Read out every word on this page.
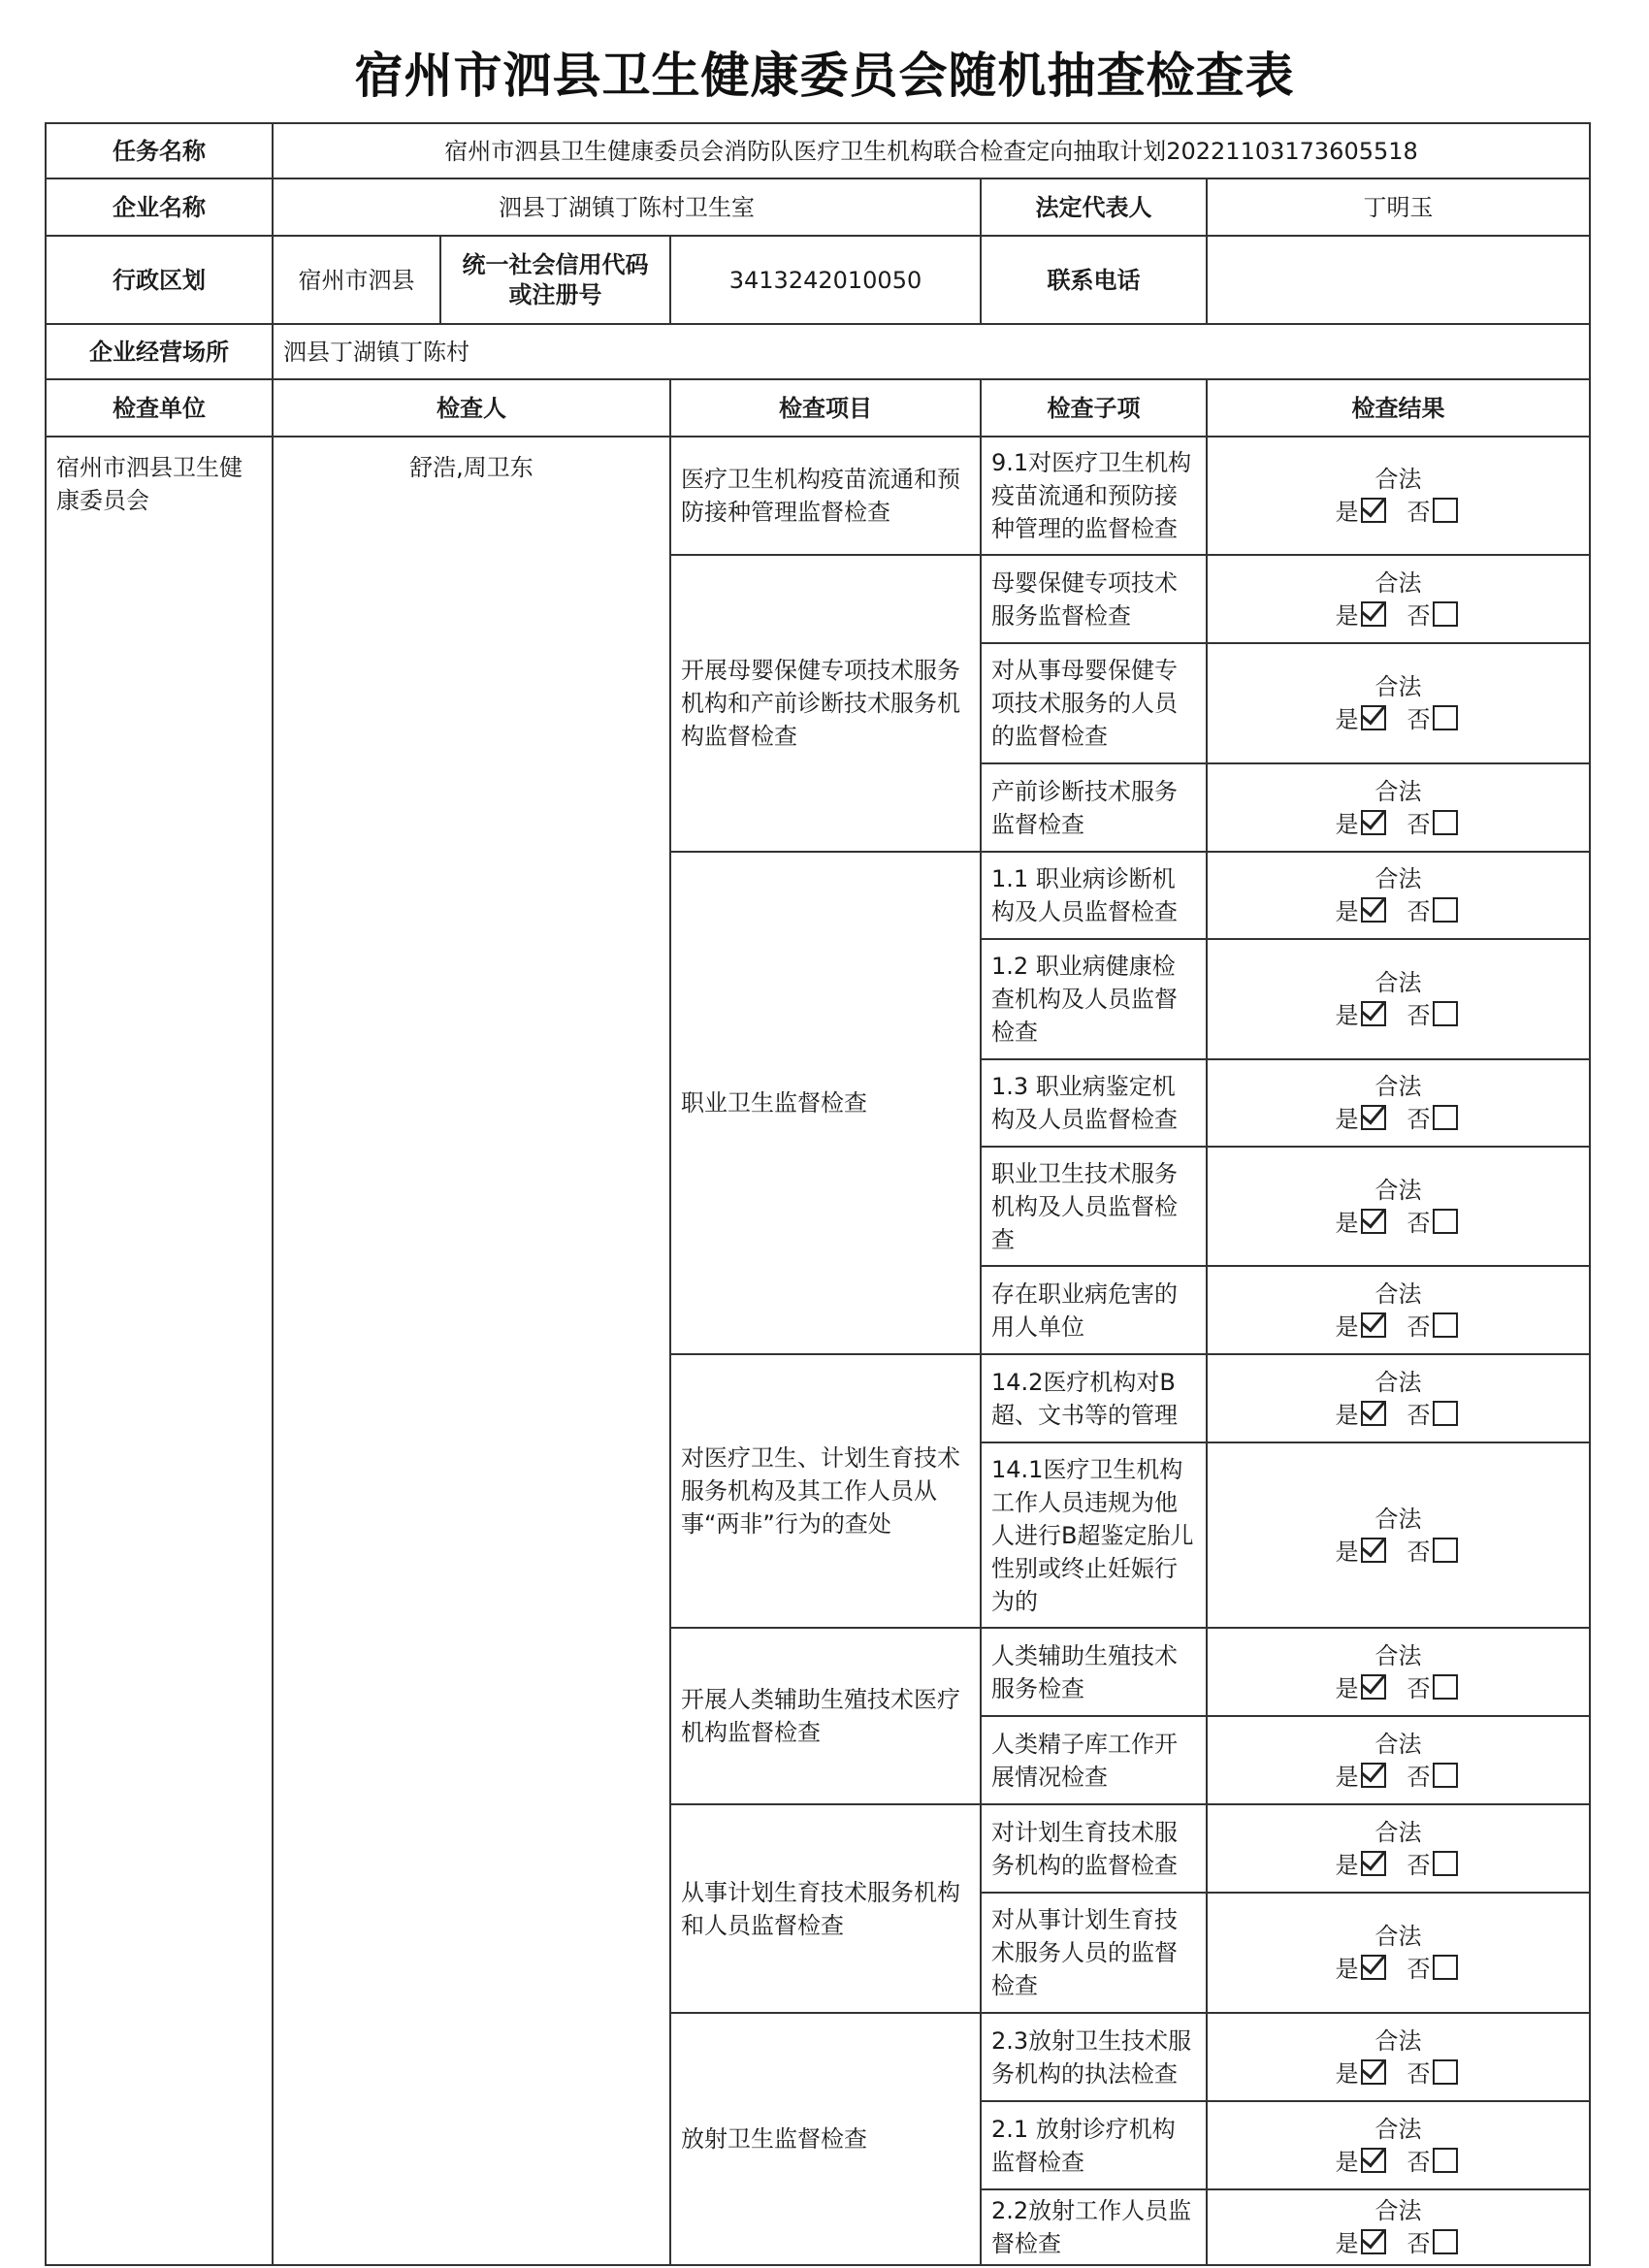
宿州市泗县卫生健康委员会随机抽查检查表
任务名称	宿州市泗县卫生健康委员会消防队医疗卫生机构联合检查定向抽取计划20221103173605518				
企业名称	泗县丁湖镇丁陈村卫生室			法定代表人	丁明玉
行政区划	宿州市泗县	统一社会信用代码或注册号	3413242010050	联系电话	
企业经营场所	泗县丁湖镇丁陈村				
检查单位	检查人		检查项目	检查子项	检查结果
宿州市泗县卫生健康委员会	舒浩,周卫东		医疗卫生机构疫苗流通和预防接种管理监督检查	9.1对医疗卫生机构疫苗流通和预防接种管理的监督检查	合法
是 否
			开展母婴保健专项技术服务机构和产前诊断技术服务机构监督检查	母婴保健专项技术服务监督检查	合法
是 否
				对从事母婴保健专项技术服务的人员的监督检查	合法
是 否
				产前诊断技术服务监督检查	合法
是 否
			职业卫生监督检查	1.1 职业病诊断机构及人员监督检查	合法
是 否
				1.2 职业病健康检查机构及人员监督检查	合法
是 否
				1.3 职业病鉴定机构及人员监督检查	合法
是 否
				职业卫生技术服务机构及人员监督检查	合法
是 否
				存在职业病危害的用人单位	合法
是 否
			对医疗卫生、计划生育技术服务机构及其工作人员从事“两非”行为的查处	14.2医疗机构对B超、文书等的管理	合法
是 否
				14.1医疗卫生机构工作人员违规为他人进行B超鉴定胎儿性别或终止妊娠行为的	合法
是 否
			开展人类辅助生殖技术医疗机构监督检查	人类辅助生殖技术服务检查	合法
是 否
				人类精子库工作开展情况检查	合法
是 否
			从事计划生育技术服务机构和人员监督检查	对计划生育技术服务机构的监督检查	合法
是 否
				对从事计划生育技术服务人员的监督检查	合法
是 否
			放射卫生监督检查	2.3放射卫生技术服务机构的执法检查	合法
是 否
				2.1 放射诊疗机构监督检查	合法
是 否
				2.2放射工作人员监督检查	合法
是 否
